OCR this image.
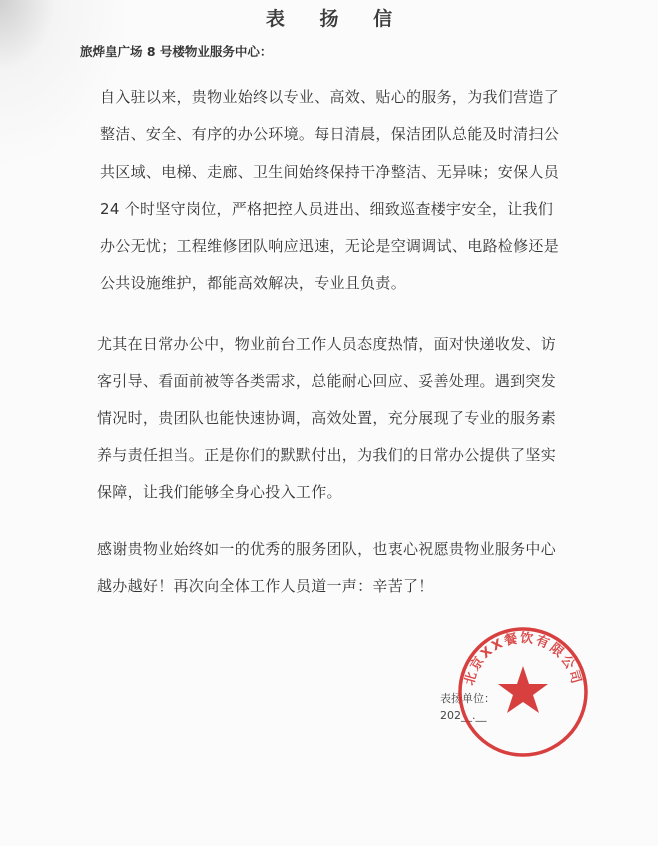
表 扬 信
旅烨皇广场 8 号楼物业服务中心：
自入驻以来，贵物业始终以专业、高效、贴心的服务，为我们营造了
整洁、安全、有序的办公环境。每日清晨，保洁团队总能及时清扫公
共区域、电梯、走廊、卫生间始终保持干净整洁、无异味；安保人员
24 个时坚守岗位，严格把控人员进出、细致巡查楼宇安全，让我们
办公无忧；工程维修团队响应迅速，无论是空调调试、电路检修还是
公共设施维护，都能高效解决，专业且负责。
尤其在日常办公中，物业前台工作人员态度热情，面对快递收发、访
客引导、看面前被等各类需求，总能耐心回应、妥善处理。遇到突发
情况时，贵团队也能快速协调，高效处置，充分展现了专业的服务素
养与责任担当。正是你们的默默付出，为我们的日常办公提供了坚实
保障，让我们能够全身心投入工作。
感谢贵物业始终如一的优秀的服务团队，也衷心祝愿贵物业服务中心
越办越好！再次向全体工作人员道一声：辛苦了！
表扬单位：
202__.__
北京XX餐饮有限公司
